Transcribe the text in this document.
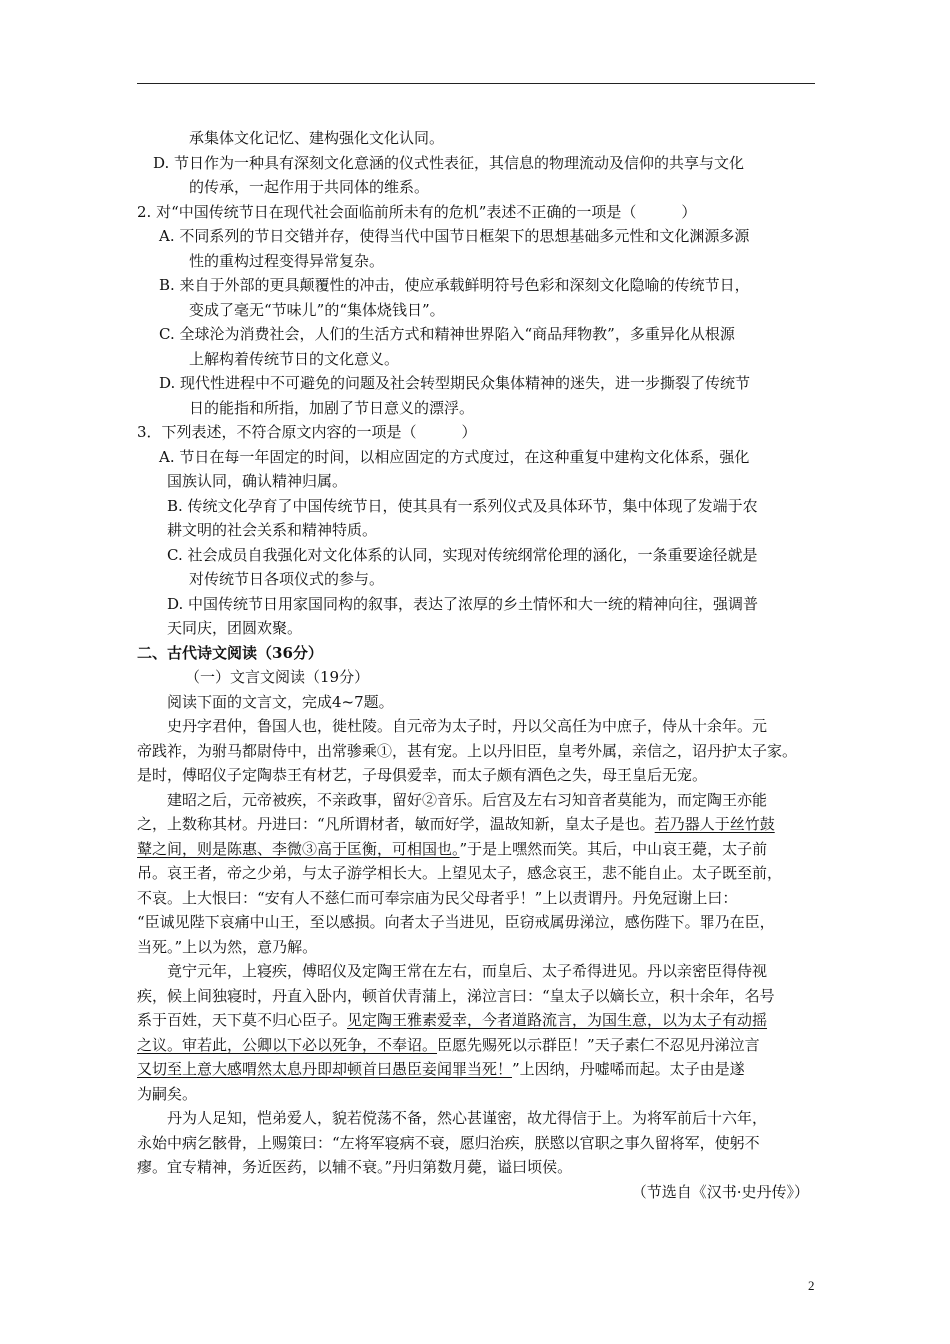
承集体文化记忆、建构强化文化认同。
D. 节日作为一种具有深刻文化意涵的仪式性表征，其信息的物理流动及信仰的共享与文化
的传承，一起作用于共同体的维系。
2. 对“中国传统节日在现代社会面临前所未有的危机”表述不正确的一项是（　　　）
A. 不同系列的节日交错并存，使得当代中国节日框架下的思想基础多元性和文化渊源多源
性的重构过程变得异常复杂。
B. 来自于外部的更具颠覆性的冲击，使应承载鲜明符号色彩和深刻文化隐喻的传统节日，
变成了毫无“节味儿”的“集体烧钱日”。
C. 全球沦为消费社会，人们的生活方式和精神世界陷入“商品拜物教”，多重异化从根源
上解构着传统节日的文化意义。
D. 现代性进程中不可避免的问题及社会转型期民众集体精神的迷失，进一步撕裂了传统节
日的能指和所指，加剧了节日意义的漂浮。
3．下列表述，不符合原文内容的一项是（　　　）
A. 节日在每一年固定的时间，以相应固定的方式度过，在这种重复中建构文化体系，强化
国族认同，确认精神归属。
B. 传统文化孕育了中国传统节日，使其具有一系列仪式及具体环节，集中体现了发端于农
耕文明的社会关系和精神特质。
C. 社会成员自我强化对文化体系的认同，实现对传统纲常伦理的涵化，一条重要途径就是
对传统节日各项仪式的参与。
D. 中国传统节日用家国同构的叙事，表达了浓厚的乡土情怀和大一统的精神向往，强调普
天同庆，团圆欢聚。
二、古代诗文阅读（36分）
（一）文言文阅读（19分）
阅读下面的文言文，完成4~7题。
史丹字君仲，鲁国人也，徙杜陵。自元帝为太子时，丹以父高任为中庶子，侍从十余年。元
帝践祚，为驸马都尉侍中，出常骖乘①，甚有宠。上以丹旧臣，皇考外属，亲信之，诏丹护太子家。
是时，傅昭仪子定陶恭王有材艺，子母俱爱幸，而太子颇有酒色之失，母王皇后无宠。
建昭之后，元帝被疾，不亲政事，留好②音乐。后宫及左右习知音者莫能为，而定陶王亦能
之，上数称其材。丹进曰：“凡所谓材者，敏而好学，温故知新，皇太子是也。若乃器人于丝竹鼓
鼙之间，则是陈惠、李微③高于匡衡，可相国也。”于是上嘿然而笑。其后，中山哀王薨，太子前
吊。哀王者，帝之少弟，与太子游学相长大。上望见太子，感念哀王，悲不能自止。太子既至前，
不哀。上大恨曰：“安有人不慈仁而可奉宗庙为民父母者乎！”上以责谓丹。丹免冠谢上曰：
“臣诚见陛下哀痛中山王，至以感损。向者太子当进见，臣窃戒属毋涕泣，感伤陛下。罪乃在臣，
当死。”上以为然，意乃解。
竟宁元年，上寝疾，傅昭仪及定陶王常在左右，而皇后、太子希得进见。丹以亲密臣得侍视
疾，候上间独寝时，丹直入卧内，顿首伏青蒲上，涕泣言曰：“皇太子以嫡长立，积十余年，名号
系于百姓，天下莫不归心臣子。见定陶王雅素爱幸，今者道路流言，为国生意，以为太子有动摇
之议。审若此，公卿以下必以死争，不奉诏。臣愿先赐死以示群臣！”天子素仁不忍见丹涕泣言
又切至上意大感喟然太息丹即却顿首曰愚臣妾闻罪当死！”上因纳，丹嘘唏而起。太子由是遂
为嗣矣。
丹为人足知，恺弟爱人，貌若傥荡不备，然心甚谨密，故尤得信于上。为将军前后十六年，
永始中病乞骸骨，上赐策曰：“左将军寝病不衰，愿归治疾，朕愍以官职之事久留将军，使躬不
瘳。宜专精神，务近医药，以辅不衰。”丹归第数月薨，谥曰顷侯。
（节选自《汉书·史丹传》）
2
